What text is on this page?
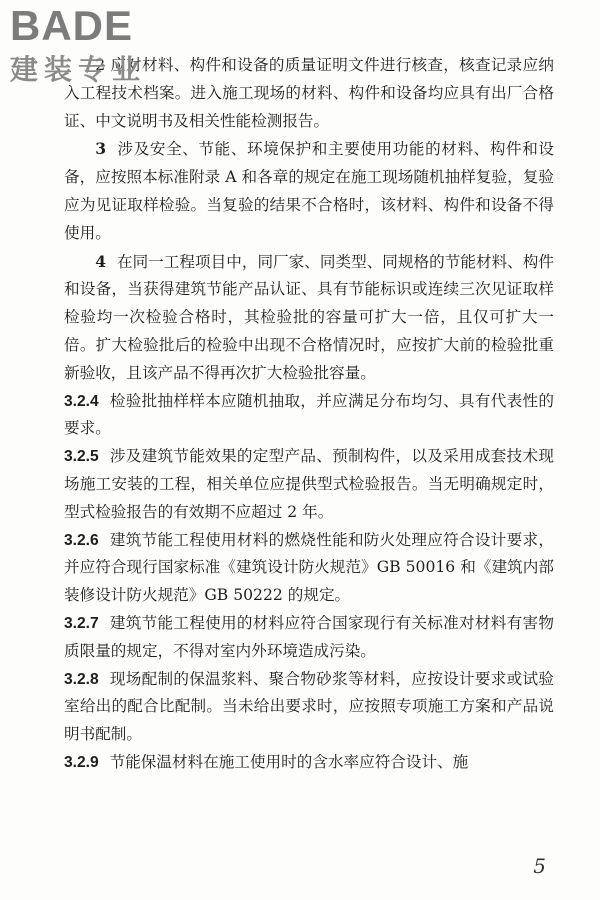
BADE
建装专业

2 应对材料、构件和设备的质量证明文件进行核查，核查记录应纳入工程技术档案。进入施工现场的材料、构件和设备均应具有出厂合格证、中文说明书及相关性能检测报告。

3 涉及安全、节能、环境保护和主要使用功能的材料、构件和设备，应按照本标准附录 A 和各章的规定在施工现场随机抽样复验，复验应为见证取样检验。当复验的结果不合格时，该材料、构件和设备不得使用。

4 在同一工程项目中，同厂家、同类型、同规格的节能材料、构件和设备，当获得建筑节能产品认证、具有节能标识或连续三次见证取样检验均一次检验合格时，其检验批的容量可扩大一倍，且仅可扩大一倍。扩大检验批后的检验中出现不合格情况时，应按扩大前的检验批重新验收，且该产品不得再次扩大检验批容量。

3.2.4 检验批抽样样本应随机抽取，并应满足分布均匀、具有代表性的要求。

3.2.5 涉及建筑节能效果的定型产品、预制构件，以及采用成套技术现场施工安装的工程，相关单位应提供型式检验报告。当无明确规定时，型式检验报告的有效期不应超过 2 年。

3.2.6 建筑节能工程使用材料的燃烧性能和防火处理应符合设计要求，并应符合现行国家标准《建筑设计防火规范》GB 50016 和《建筑内部装修设计防火规范》GB 50222 的规定。

3.2.7 建筑节能工程使用的材料应符合国家现行有关标准对材料有害物质限量的规定，不得对室内外环境造成污染。

3.2.8 现场配制的保温浆料、聚合物砂浆等材料，应按设计要求或试验室给出的配合比配制。当未给出要求时，应按照专项施工方案和产品说明书配制。

3.2.9 节能保温材料在施工使用时的含水率应符合设计、施

5
